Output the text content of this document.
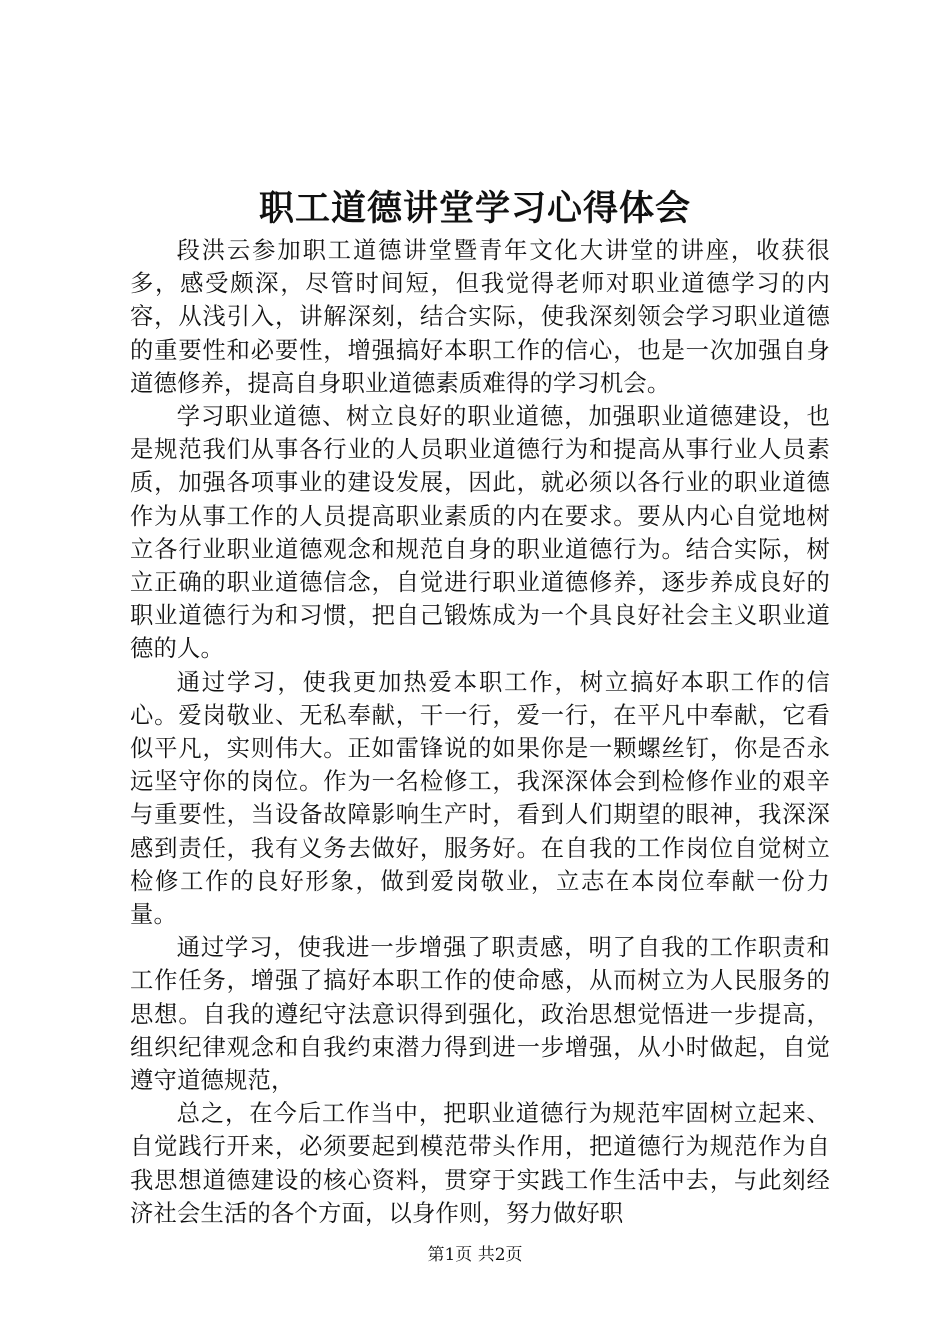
职工道德讲堂学习心得体会

段洪云参加职工道德讲堂暨青年文化大讲堂的讲座，收获很多，感受颇深，尽管时间短，但我觉得老师对职业道德学习的内容，从浅引入，讲解深刻，结合实际，使我深刻领会学习职业道德的重要性和必要性，增强搞好本职工作的信心，也是一次加强自身道德修养，提高自身职业道德素质难得的学习机会。

学习职业道德、树立良好的职业道德，加强职业道德建设，也是规范我们从事各行业的人员职业道德行为和提高从事行业人员素质，加强各项事业的建设发展，因此，就必须以各行业的职业道德作为从事工作的人员提高职业素质的内在要求。要从内心自觉地树立各行业职业道德观念和规范自身的职业道德行为。结合实际，树立正确的职业道德信念，自觉进行职业道德修养，逐步养成良好的职业道德行为和习惯，把自己锻炼成为一个具良好社会主义职业道德的人。

通过学习，使我更加热爱本职工作，树立搞好本职工作的信心。爱岗敬业、无私奉献，干一行，爱一行，在平凡中奉献，它看似平凡，实则伟大。正如雷锋说的如果你是一颗螺丝钉，你是否永远坚守你的岗位。作为一名检修工，我深深体会到检修作业的艰辛与重要性，当设备故障影响生产时，看到人们期望的眼神，我深深感到责任，我有义务去做好，服务好。在自我的工作岗位自觉树立检修工作的良好形象，做到爱岗敬业，立志在本岗位奉献一份力量。

通过学习，使我进一步增强了职责感，明了自我的工作职责和工作任务，增强了搞好本职工作的使命感，从而树立为人民服务的思想。自我的遵纪守法意识得到强化，政治思想觉悟进一步提高，组织纪律观念和自我约束潜力得到进一步增强，从小时做起，自觉遵守道德规范，

总之，在今后工作当中，把职业道德行为规范牢固树立起来、自觉践行开来，必须要起到模范带头作用，把道德行为规范作为自我思想道德建设的核心资料，贯穿于实践工作生活中去，与此刻经济社会生活的各个方面，以身作则，努力做好职

第1页 共2页
